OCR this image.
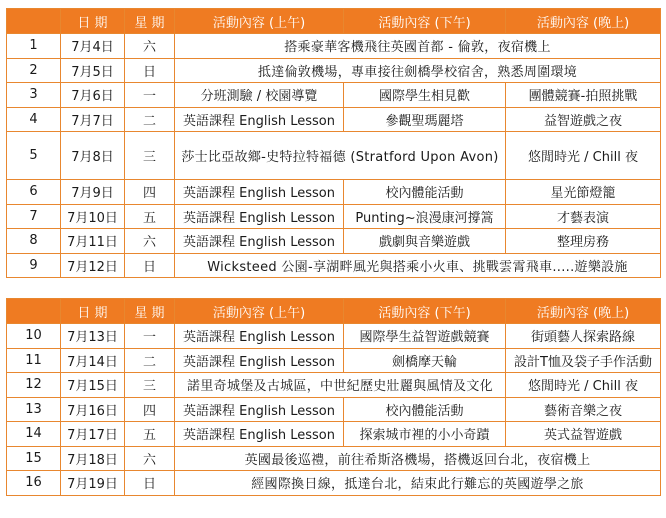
	日 期	星 期	活動內容 (上午)	活動內容 (下午)	活動內容 (晚上)
1	7月4日	六	搭乘豪華客機飛往英國首都 - 倫敦，夜宿機上		
2	7月5日	日	抵達倫敦機場，專車接往劍橋學校宿舍，熟悉周圍環境		
3	7月6日	一	分班測驗 / 校園導覽	國際學生相見歡	團體競賽-拍照挑戰
4	7月7日	二	英語課程 English Lesson	參觀聖瑪麗塔	益智遊戲之夜
5	7月8日	三	莎士比亞故鄉-史特拉特福德 (Stratford Upon Avon)		悠閒時光 / Chill 夜
6	7月9日	四	英語課程 English Lesson	校內體能活動	星光節燈籠
7	7月10日	五	英語課程 English Lesson	Punting~浪漫康河撐篙	才藝表演
8	7月11日	六	英語課程 English Lesson	戲劇與音樂遊戲	整理房務
9	7月12日	日	Wicksteed 公園-享湖畔風光與搭乘小火車、挑戰雲霄飛車.....遊樂設施		
	日 期	星 期	活動內容 (上午)	活動內容 (下午)	活動內容 (晚上)
10	7月13日	一	英語課程 English Lesson	國際學生益智遊戲競賽	街頭藝人探索路線
11	7月14日	二	英語課程 English Lesson	劍橋摩天輪	設計T恤及袋子手作活動
12	7月15日	三	諾里奇城堡及古城區，中世紀歷史壯麗與風情及文化		悠閒時光 / Chill 夜
13	7月16日	四	英語課程 English Lesson	校內體能活動	藝術音樂之夜
14	7月17日	五	英語課程 English Lesson	探索城市裡的小小奇蹟	英式益智遊戲
15	7月18日	六	英國最後巡禮，前往希斯洛機場，搭機返回台北，夜宿機上		
16	7月19日	日	經國際換日線，抵達台北，結束此行難忘的英國遊學之旅		
